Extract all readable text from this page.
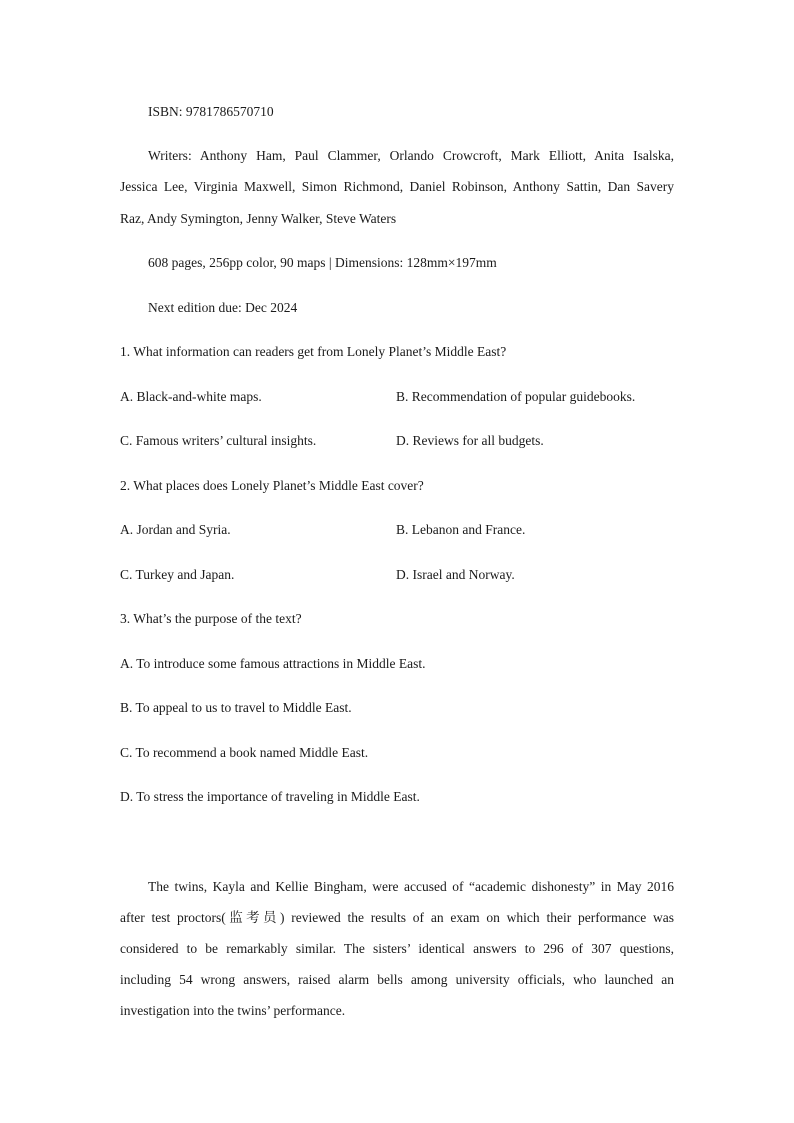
ISBN: 9781786570710
Writers: Anthony Ham, Paul Clammer, Orlando Crowcroft, Mark Elliott, Anita Isalska,
Jessica Lee, Virginia Maxwell, Simon Richmond, Daniel Robinson, Anthony Sattin, Dan Savery
Raz, Andy Symington, Jenny Walker, Steve Waters
608 pages, 256pp color, 90 maps | Dimensions: 128mm×197mm
Next edition due: Dec 2024
1. What information can readers get from Lonely Planet’s Middle East?
A. Black-and-white maps.	B. Recommendation of popular guidebooks.
C. Famous writers’ cultural insights.	D. Reviews for all budgets.
2. What places does Lonely Planet’s Middle East cover?
A. Jordan and Syria.	B. Lebanon and France.
C. Turkey and Japan.	D. Israel and Norway.
3. What’s the purpose of the text?
A. To introduce some famous attractions in Middle East.
B. To appeal to us to travel to Middle East.
C. To recommend a book named Middle East.
D. To stress the importance of traveling in Middle East.
The twins, Kayla and Kellie Bingham, were accused of “academic dishonesty” in May 2016
after test proctors(监考员) reviewed the results of an exam on which their performance was
considered to be remarkably similar. The sisters’ identical answers to 296 of 307 questions,
including 54 wrong answers, raised alarm bells among university officials, who launched an
investigation into the twins’ performance.
